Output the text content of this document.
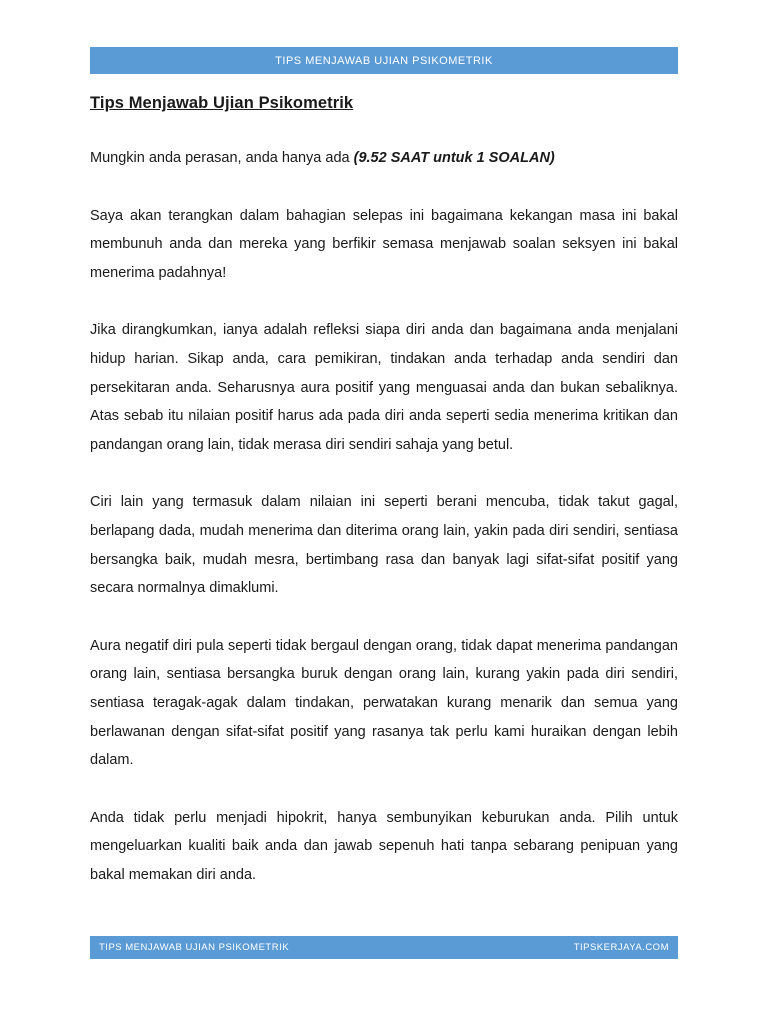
TIPS MENJAWAB UJIAN PSIKOMETRIK
Tips Menjawab Ujian Psikometrik

Mungkin anda perasan, anda hanya ada (9.52 SAAT untuk 1 SOALAN)

Saya akan terangkan dalam bahagian selepas ini bagaimana kekangan masa ini bakal membunuh anda dan mereka yang berfikir semasa menjawab soalan seksyen ini bakal menerima padahnya!

Jika dirangkumkan, ianya adalah refleksi siapa diri anda dan bagaimana anda menjalani hidup harian. Sikap anda, cara pemikiran, tindakan anda terhadap anda sendiri dan persekitaran anda. Seharusnya aura positif yang menguasai anda dan bukan sebaliknya. Atas sebab itu nilaian positif harus ada pada diri anda seperti sedia menerima kritikan dan pandangan orang lain, tidak merasa diri sendiri sahaja yang betul.

Ciri lain yang termasuk dalam nilaian ini seperti berani mencuba, tidak takut gagal, berlapang dada, mudah menerima dan diterima orang lain, yakin pada diri sendiri, sentiasa bersangka baik, mudah mesra, bertimbang rasa dan banyak lagi sifat-sifat positif yang secara normalnya dimaklumi.

Aura negatif diri pula seperti tidak bergaul dengan orang, tidak dapat menerima pandangan orang lain, sentiasa bersangka buruk dengan orang lain, kurang yakin pada diri sendiri, sentiasa teragak-agak dalam tindakan, perwatakan kurang menarik dan semua yang berlawanan dengan sifat-sifat positif yang rasanya tak perlu kami huraikan dengan lebih dalam.

Anda tidak perlu menjadi hipokrit, hanya sembunyikan keburukan anda. Pilih untuk mengeluarkan kualiti baik anda dan jawab sepenuh hati tanpa sebarang penipuan yang bakal memakan diri anda.

TIPS MENJAWAB UJIAN PSIKOMETRIK	TIPSKERJAYA.COM
